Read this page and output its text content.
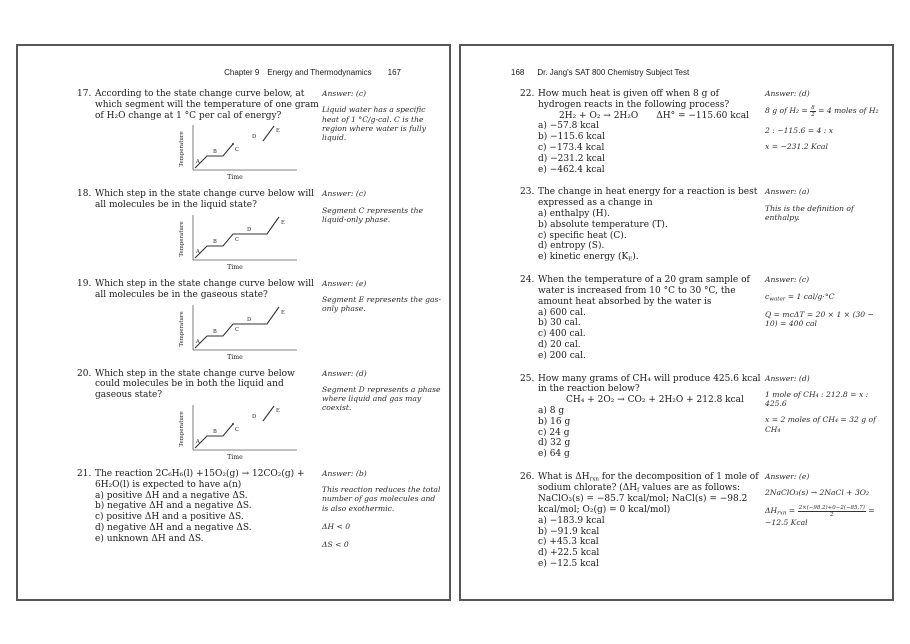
Chapter 9 Energy and Thermodynamics 167
17. According to the state change curve below, at which segment will the temperature of one gram of H₂O change at 1 °C per cal of energy?
Temperature A
B	C
D
E
Time
Answer: (c)

Liquid water has a specific heat of 1 °C/g-cal. C is the region where water is fully liquid.

18. Which step in the state change curve below will all molecules be in the liquid state?
Temperature A
B	C
D
E
Time
Answer: (c)

Segment C represents the liquid-only phase.

19. Which step in the state change curve below will all molecules be in the gaseous state?
Temperature A
B	C
D
E
Time
Answer: (e)

Segment E represents the gas-only phase.

20. Which step in the state change curve below could molecules be in both the liquid and gaseous state?
Temperature A
B	C
D
E
Time
Answer: (d)

Segment D represents a phase where liquid and gas may coexist.

21. The reaction 2C₆H₆(l) +15O₂(g) → 12CO₂(g) + 6H₂O(l) is expected to have a(n)
a) positive ΔH and a negative ΔS.
b) negative ΔH and a negative ΔS.
c) positive ΔH and a positive ΔS.
d) negative ΔH and a negative ΔS.
e) unknown ΔH and ΔS.
Answer: (b)

This reaction reduces the total number of gas molecules and is also exothermic.

ΔH < 0

ΔS < 0

168 Dr. Jang's SAT 800 Chemistry Subject Test
22. How much heat is given off when 8 g of hydrogen reacts in the following process?
2H₂ + O₂ → 2H₂O ΔH° = −115.60 kcal
a) −57.8 kcal
b) −115.6 kcal
c) −173.4 kcal
d) −231.2 kcal
e) −462.4 kcal
Answer: (d)

8 g of $H_2 = \frac{8}{2} = 4$ moles of H₂

2 : −115.6 = 4 : x

x = −231.2 Kcal

23. The change in heat energy for a reaction is best expressed as a change in
a) enthalpy (H).
b) absolute temperature (T).
c) specific heat (C).
d) entropy (S).
e) kinetic energy $(K_E)$.
Answer: (a)

This is the definition of enthalpy.

24. When the temperature of a 20 gram sample of water is increased from 10 °C to 30 °C, the amount heat absorbed by the water is
a) 600 cal.
b) 30 cal.
c) 400 cal.
d) 20 cal.
e) 200 cal.
Answer: (c)

$c_{water} = 1$ cal/g·°C

Q = mcΔT = 20 × 1 × (30 − 10) = 400 cal

25. How many grams of CH₄ will produce 425.6 kcal in the reaction below? CH₄ + 2O₂ → CO₂ + 2H₂O + 212.8 kcal
a) 8 g
b) 16 g
c) 24 g
d) 32 g
e) 64 g
Answer: (d)

1 mole of CH₄ : 212.8 = x : 425.6

x = 2 moles of CH₄ = 32 g of CH₄

26. What is $\Delta H_{rxn}$ for the decomposition of 1 mole of sodium chlorate? ($\Delta H_f$ values are as follows: NaClO₃(s) = −85.7 kcal/mol; NaCl(s) = −98.2 kcal/mol; O₂(g) = 0 kcal/mol)
a) −183.9 kcal
b) −91.9 kcal
c) +45.3 kcal
d) +22.5 kcal
e) −12.5 kcal
Answer: (e)

2NaClO₃(s) → 2NaCl + 3O₂

$\Delta H_{rxn} = \frac{2\times(-98.2)+0-2(-85.7)}{2} = -12.5$ Kcal
